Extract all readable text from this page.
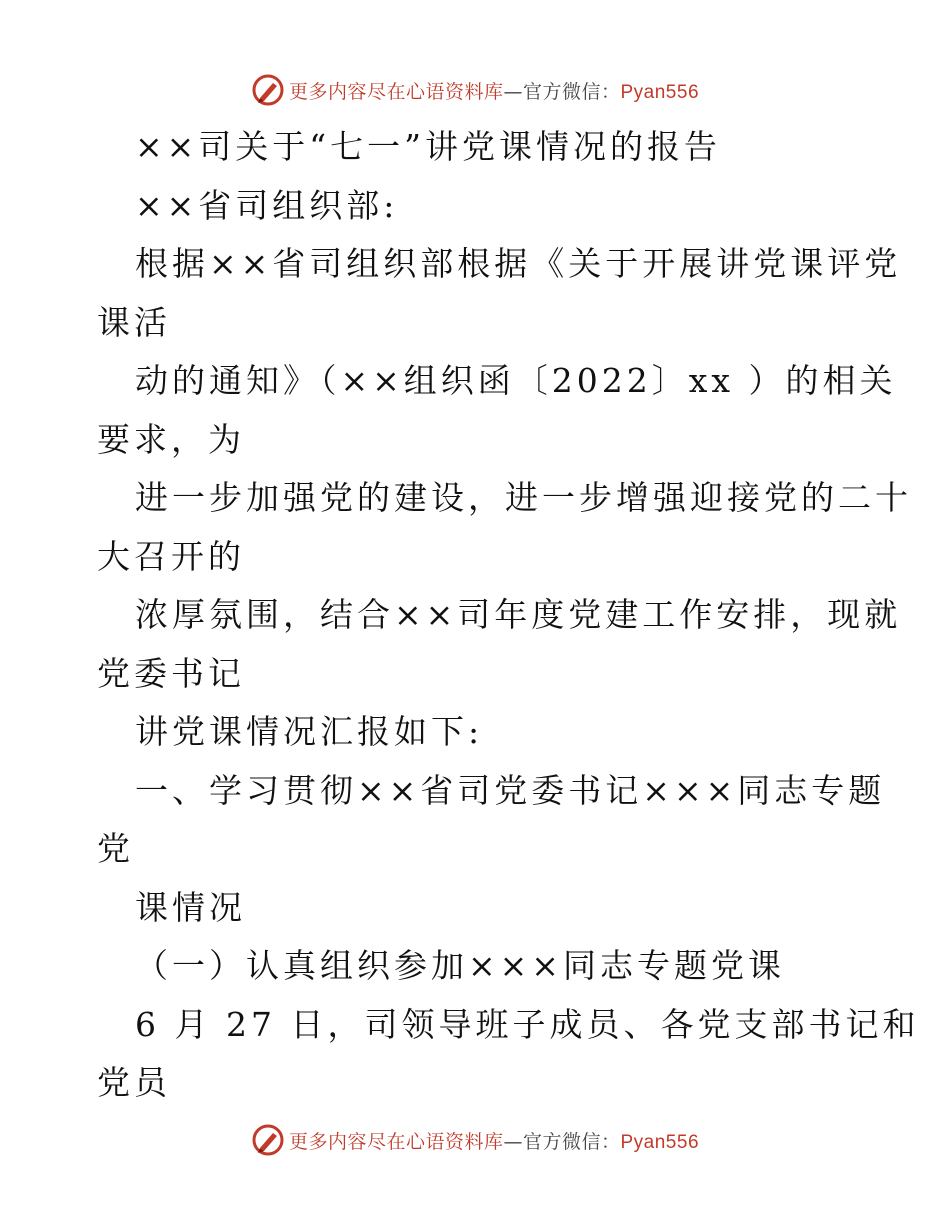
更多内容尽在心语资料库—官方微信：Pyan556
××司关于“七一”讲党课情况的报告
××省司组织部:
根据××省司组织部根据《关于开展讲党课评党
课活
动的通知》（××组织函〔2022〕xx ）的相关
要求，为
进一步加强党的建设，进一步增强迎接党的二十
大召开的
浓厚氛围，结合××司年度党建工作安排，现就
党委书记
讲党课情况汇报如下:
一、学习贯彻××省司党委书记×××同志专题
党
课情况
（一）认真组织参加×××同志专题党课
6 月 27 日，司领导班子成员、各党支部书记和
党员
更多内容尽在心语资料库—官方微信：Pyan556
